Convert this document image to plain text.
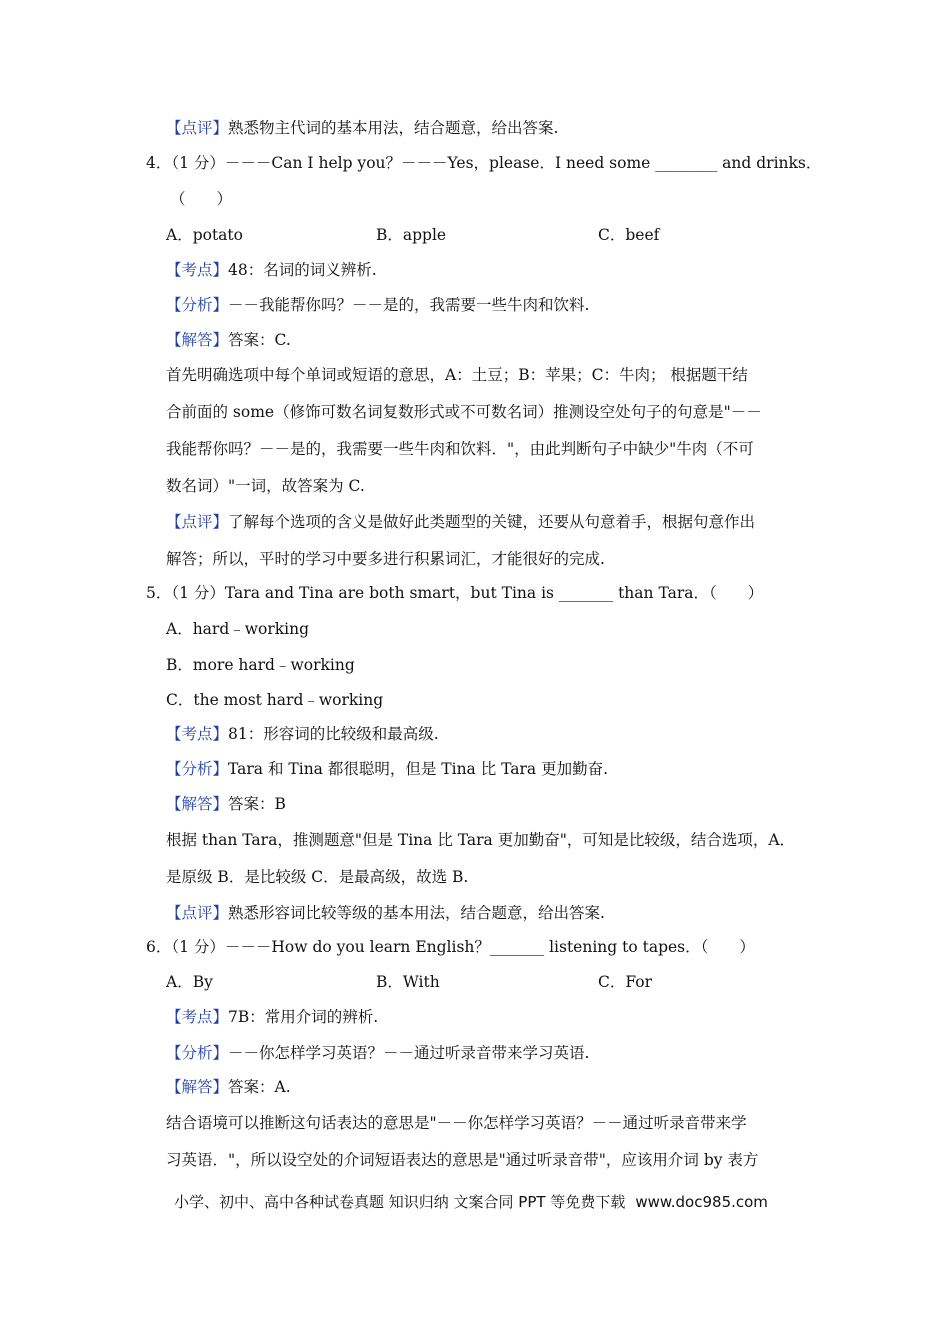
【点评】熟悉物主代词的基本用法，结合题意，给出答案.
4．（1 分）－－－Can I help you？－－－Yes，please．I need some ________ and drinks．
（　　）
A．potato	B．apple	C．beef
【考点】48：名词的词义辨析.
【分析】－－我能帮你吗？－－是的，我需要一些牛肉和饮料.
【解答】答案：C.
首先明确选项中每个单词或短语的意思，A：土豆；B：苹果；C：牛肉； 根据题干结
合前面的 some（修饰可数名词复数形式或不可数名词）推测设空处句子的句意是"－－
我能帮你吗？－－是的，我需要一些牛肉和饮料．"，由此判断句子中缺少"牛肉（不可
数名词）"一词，故答案为 C.
【点评】了解每个选项的含义是做好此类题型的关键，还要从句意着手，根据句意作出
解答；所以，平时的学习中要多进行积累词汇，才能很好的完成.
5．（1 分）Tara and Tina are both smart，but Tina is _______ than Tara．（　　）
A．hard﹣working
B．more hard﹣working
C．the most hard﹣working
【考点】81：形容词的比较级和最高级.
【分析】Tara 和 Tina 都很聪明，但是 Tina 比 Tara 更加勤奋.
【解答】答案：B
根据 than Tara，推测题意"但是 Tina 比 Tara 更加勤奋"，可知是比较级，结合选项，A．
是原级 B．是比较级 C．是最高级，故选 B.
【点评】熟悉形容词比较等级的基本用法，结合题意，给出答案.
6．（1 分）－－－How do you learn English？_______ listening to tapes．（　　）
A．By	B．With	C．For
【考点】7B：常用介词的辨析.
【分析】－－你怎样学习英语？－－通过听录音带来学习英语.
【解答】答案：A.
结合语境可以推断这句话表达的意思是"－－你怎样学习英语？－－通过听录音带来学
习英语．"，所以设空处的介词短语表达的意思是"通过听录音带"，应该用介词 by 表方
小学、初中、高中各种试卷真题 知识归纳 文案合同 PPT 等免费下载 www.doc985.com
